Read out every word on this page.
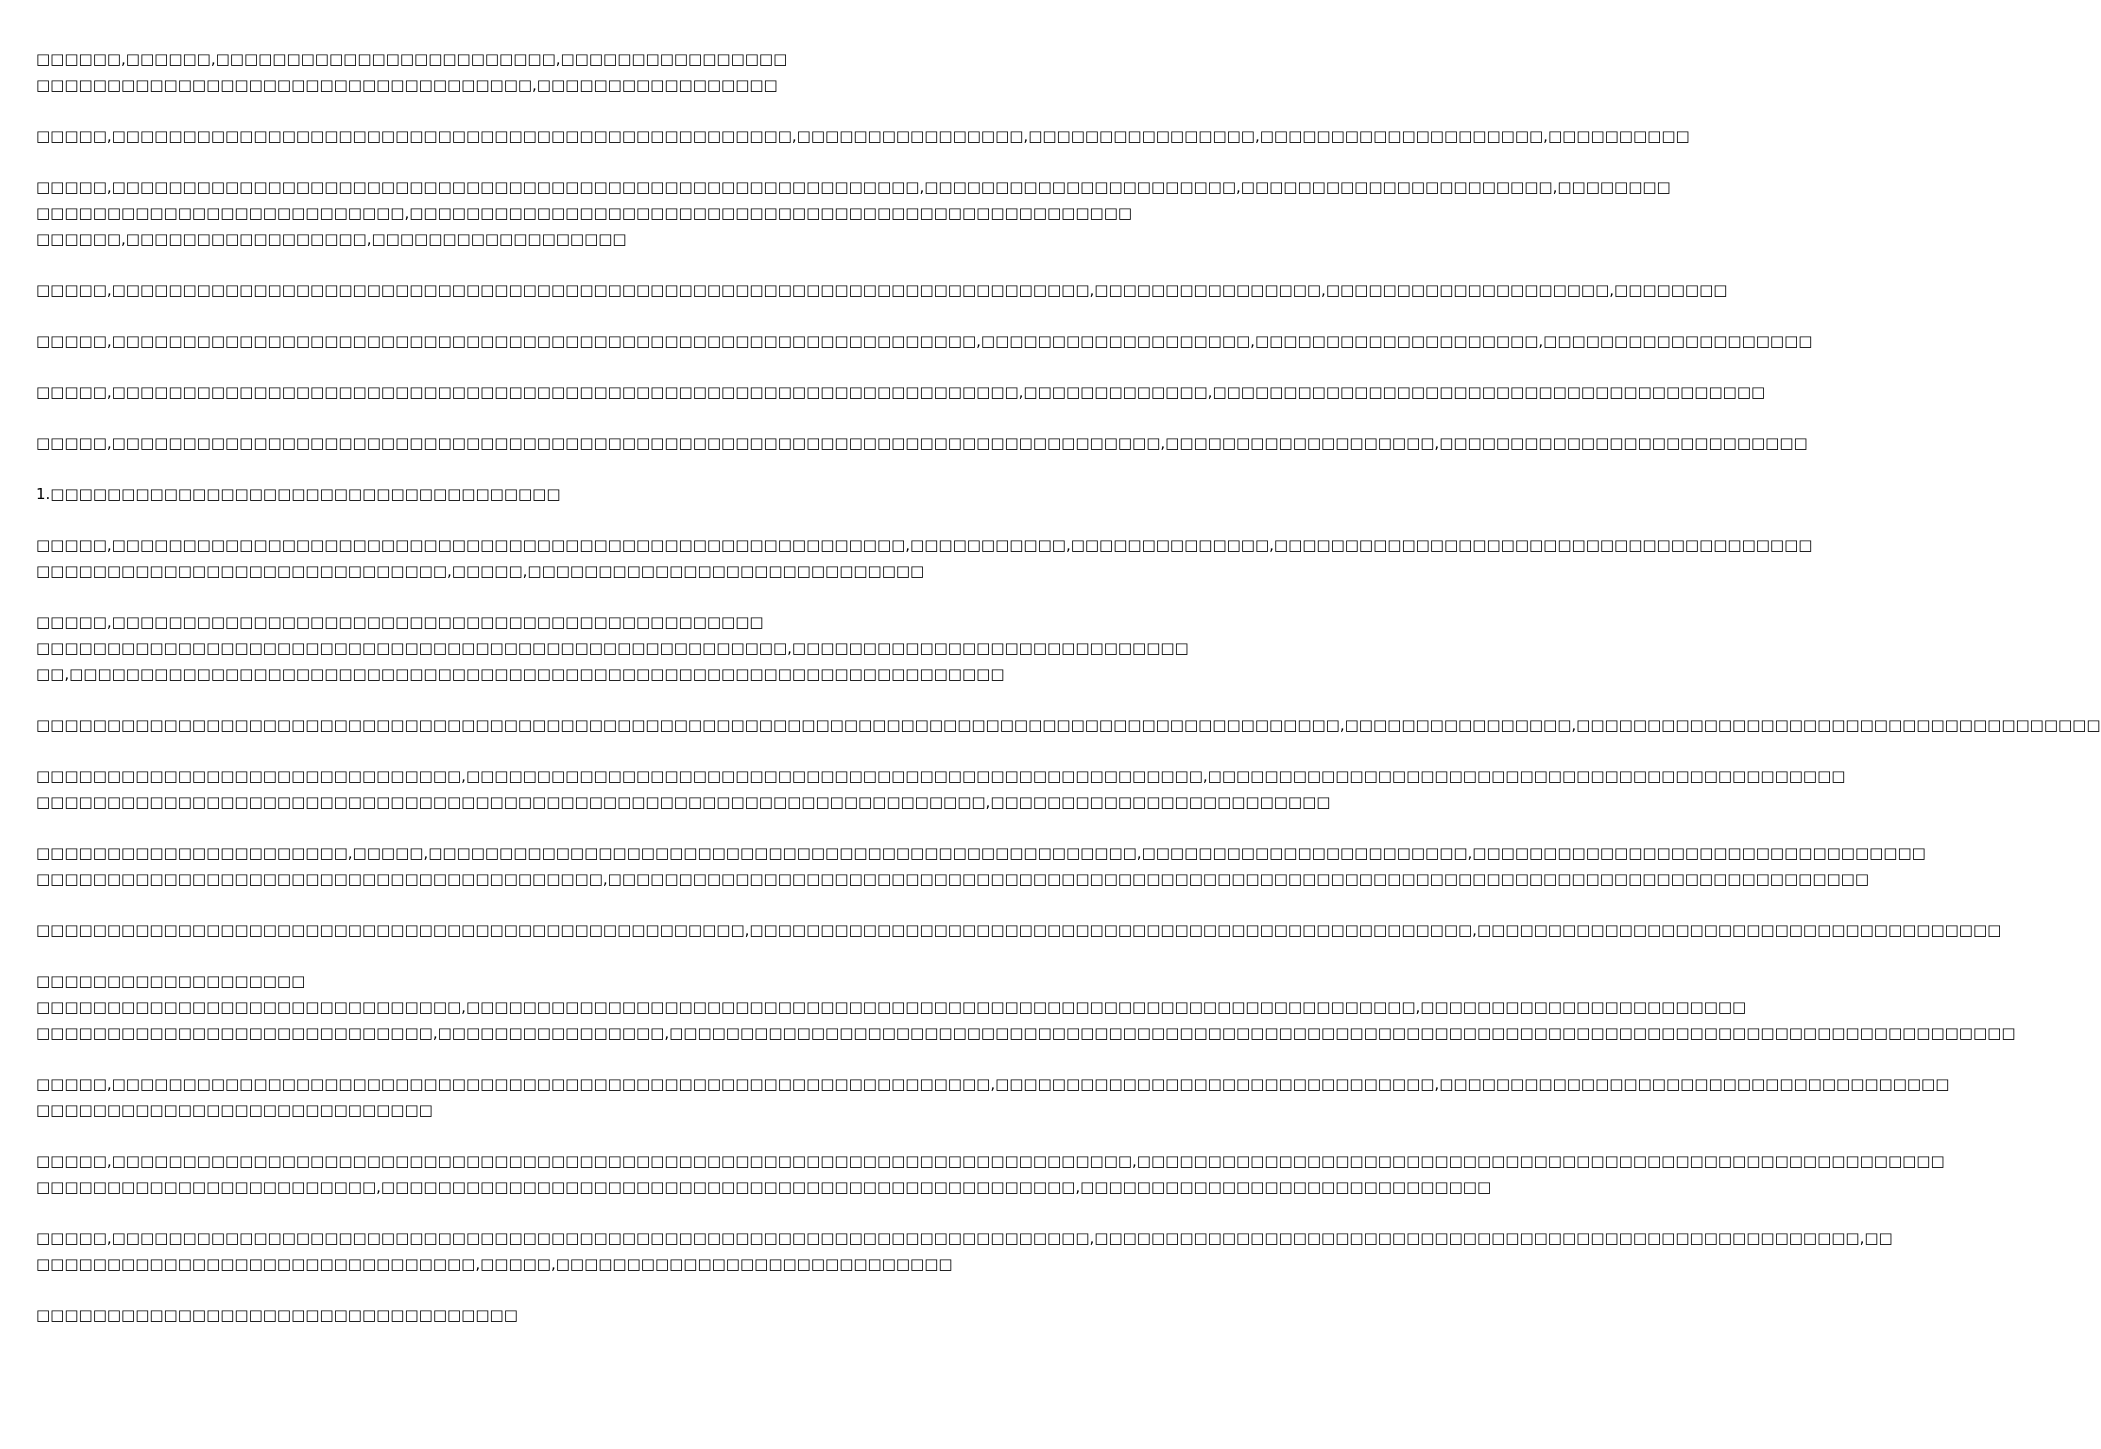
□□□□□□,□□□□□□,□□□□□□□□□□□□□□□□□□□□□□□□,□□□□□□□□□□□□□□□□
□□□□□□□□□□□□□□□□□□□□□□□□□□□□□□□□□□□,□□□□□□□□□□□□□□□□□
□□□□□,□□□□□□□□□□□□□□□□□□□□□□□□□□□□□□□□□□□□□□□□□□□□□□□□,□□□□□□□□□□□□□□□□,□□□□□□□□□□□□□□□□,□□□□□□□□□□□□□□□□□□□□,□□□□□□□□□□
□□□□□,□□□□□□□□□□□□□□□□□□□□□□□□□□□□□□□□□□□□□□□□□□□□□□□□□□□□□□□□□,□□□□□□□□□□□□□□□□□□□□□□,□□□□□□□□□□□□□□□□□□□□□□,□□□□□□□□
□□□□□□□□□□□□□□□□□□□□□□□□□□,□□□□□□□□□□□□□□□□□□□□□□□□□□□□□□□□□□□□□□□□□□□□□□□□□□□
□□□□□□,□□□□□□□□□□□□□□□□□,□□□□□□□□□□□□□□□□□□
□□□□□,□□□□□□□□□□□□□□□□□□□□□□□□□□□□□□□□□□□□□□□□□□□□□□□□□□□□□□□□□□□□□□□□□□□□□,□□□□□□□□□□□□□□□□,□□□□□□□□□□□□□□□□□□□□,□□□□□□□□
□□□□□,□□□□□□□□□□□□□□□□□□□□□□□□□□□□□□□□□□□□□□□□□□□□□□□□□□□□□□□□□□□□□,□□□□□□□□□□□□□□□□□□□,□□□□□□□□□□□□□□□□□□□□,□□□□□□□□□□□□□□□□□□□
□□□□□,□□□□□□□□□□□□□□□□□□□□□□□□□□□□□□□□□□□□□□□□□□□□□□□□□□□□□□□□□□□□□□□□,□□□□□□□□□□□□□,□□□□□□□□□□□□□□□□□□□□□□□□□□□□□□□□□□□□□□□
□□□□□,□□□□□□□□□□□□□□□□□□□□□□□□□□□□□□□□□□□□□□□□□□□□□□□□□□□□□□□□□□□□□□□□□□□□□□□□□□,□□□□□□□□□□□□□□□□□□□,□□□□□□□□□□□□□□□□□□□□□□□□□□
1.□□□□□□□□□□□□□□□□□□□□□□□□□□□□□□□□□□□□
□□□□□,□□□□□□□□□□□□□□□□□□□□□□□□□□□□□□□□□□□□□□□□□□□□□□□□□□□□□□□□,□□□□□□□□□□□,□□□□□□□□□□□□□□,□□□□□□□□□□□□□□□□□□□□□□□□□□□□□□□□□□□□□□
□□□□□□□□□□□□□□□□□□□□□□□□□□□□□,□□□□□,□□□□□□□□□□□□□□□□□□□□□□□□□□□□
□□□□□,□□□□□□□□□□□□□□□□□□□□□□□□□□□□□□□□□□□□□□□□□□□□□□
□□□□□□□□□□□□□□□□□□□□□□□□□□□□□□□□□□□□□□□□□□□□□□□□□□□□□,□□□□□□□□□□□□□□□□□□□□□□□□□□□□
□□,□□□□□□□□□□□□□□□□□□□□□□□□□□□□□□□□□□□□□□□□□□□□□□□□□□□□□□□□□□□□□□□□□□
□□□□□□□□□□□□□□□□□□□□□□□□□□□□□□□□□□□□□□□□□□□□□□□□□□□□□□□□□□□□□□□□□□□□□□□□□□□□□□□□□□□□□□□□□□□□,□□□□□□□□□□□□□□□□,□□□□□□□□□□□□□□□□□□□□□□□□□□□□□□□□□□□□□
□□□□□□□□□□□□□□□□□□□□□□□□□□□□□□,□□□□□□□□□□□□□□□□□□□□□□□□□□□□□□□□□□□□□□□□□□□□□□□□□□□□,□□□□□□□□□□□□□□□□□□□□□□□□□□□□□□□□□□□□□□□□□□□□□
□□□□□□□□□□□□□□□□□□□□□□□□□□□□□□□□□□□□□□□□□□□□□□□□□□□□□□□□□□□□□□□□□□□,□□□□□□□□□□□□□□□□□□□□□□□□
□□□□□□□□□□□□□□□□□□□□□□,□□□□□,□□□□□□□□□□□□□□□□□□□□□□□□□□□□□□□□□□□□□□□□□□□□□□□□□□,□□□□□□□□□□□□□□□□□□□□□□□,□□□□□□□□□□□□□□□□□□□□□□□□□□□□□□□□
□□□□□□□□□□□□□□□□□□□□□□□□□□□□□□□□□□□□□□□□,□□□□□□□□□□□□□□□□□□□□□□□□□□□□□□□□□□□□□□□□□□□□□□□□□□□□□□□□□□□□□□□□□□□□□□□□□□□□□□□□□□□□□□□□□
□□□□□□□□□□□□□□□□□□□□□□□□□□□□□□□□□□□□□□□□□□□□□□□□□□,□□□□□□□□□□□□□□□□□□□□□□□□□□□□□□□□□□□□□□□□□□□□□□□□□□□,□□□□□□□□□□□□□□□□□□□□□□□□□□□□□□□□□□□□□
□□□□□□□□□□□□□□□□□□□
□□□□□□□□□□□□□□□□□□□□□□□□□□□□□□,□□□□□□□□□□□□□□□□□□□□□□□□□□□□□□□□□□□□□□□□□□□□□□□□□□□□□□□□□□□□□□□□□□□,□□□□□□□□□□□□□□□□□□□□□□□
□□□□□□□□□□□□□□□□□□□□□□□□□□□□,□□□□□□□□□□□□□□□□,□□□□□□□□□□□□□□□□□□□□□□□□□□□□□□□□□□□□□□□□□□□□□□□□□□□□□□□□□□□□□□□□□□□□□□□□□□□□□□□□□□□□□□□□□□□□□□□
□□□□□,□□□□□□□□□□□□□□□□□□□□□□□□□□□□□□□□□□□□□□□□□□□□□□□□□□□□□□□□□□□□□□,□□□□□□□□□□□□□□□□□□□□□□□□□□□□□□□,□□□□□□□□□□□□□□□□□□□□□□□□□□□□□□□□□□□□
□□□□□□□□□□□□□□□□□□□□□□□□□□□□
□□□□□,□□□□□□□□□□□□□□□□□□□□□□□□□□□□□□□□□□□□□□□□□□□□□□□□□□□□□□□□□□□□□□□□□□□□□□□□,□□□□□□□□□□□□□□□□□□□□□□□□□□□□□□□□□□□□□□□□□□□□□□□□□□□□□□□□□
□□□□□□□□□□□□□□□□□□□□□□□□,□□□□□□□□□□□□□□□□□□□□□□□□□□□□□□□□□□□□□□□□□□□□□□□□□,□□□□□□□□□□□□□□□□□□□□□□□□□□□□□
□□□□□,□□□□□□□□□□□□□□□□□□□□□□□□□□□□□□□□□□□□□□□□□□□□□□□□□□□□□□□□□□□□□□□□□□□□□,□□□□□□□□□□□□□□□□□□□□□□□□□□□□□□□□□□□□□□□□□□□□□□□□□□□□□□,□□
□□□□□□□□□□□□□□□□□□□□□□□□□□□□□□□,□□□□□,□□□□□□□□□□□□□□□□□□□□□□□□□□□□
□□□□□□□□□□□□□□□□□□□□□□□□□□□□□□□□□□
